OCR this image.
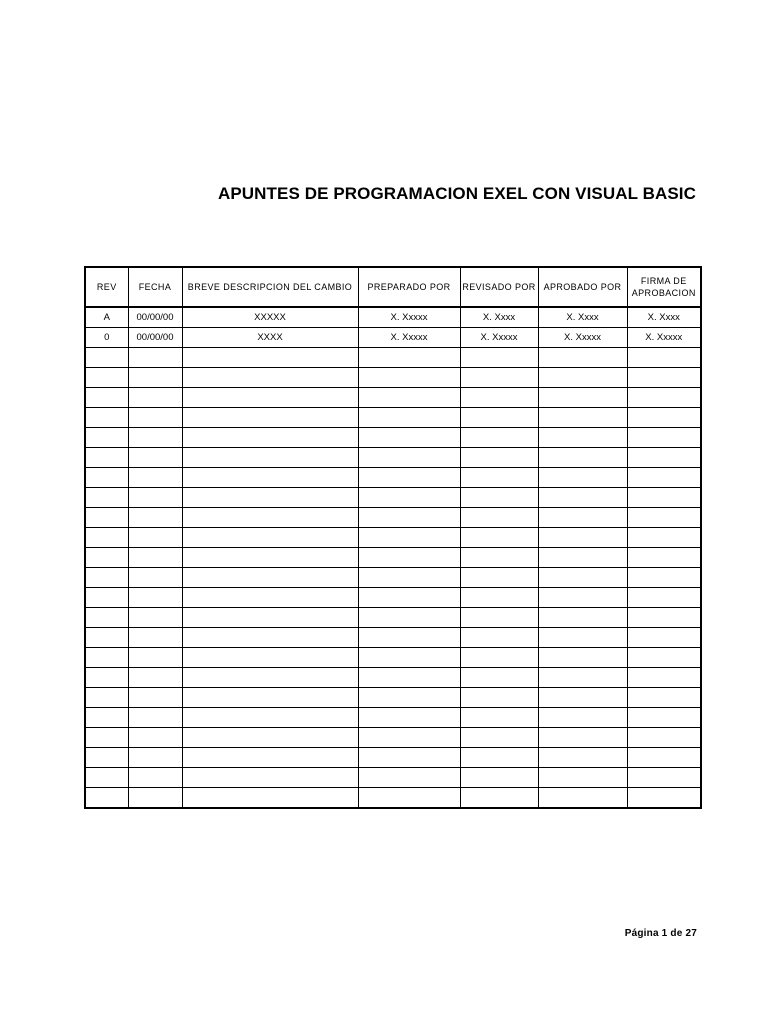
APUNTES DE PROGRAMACION EXEL CON VISUAL BASIC
REV	FECHA	BREVE DESCRIPCION DEL CAMBIO	PREPARADO POR	REVISADO POR	APROBADO POR	FIRMA DE APROBACION
A	00/00/00	XXXXX	X. Xxxxx	X. Xxxx	X. Xxxx	X. Xxxx
0	00/00/00	XXXX	X. Xxxxx	X. Xxxxx	X. Xxxxx	X. Xxxxx

Página 1 de 27
